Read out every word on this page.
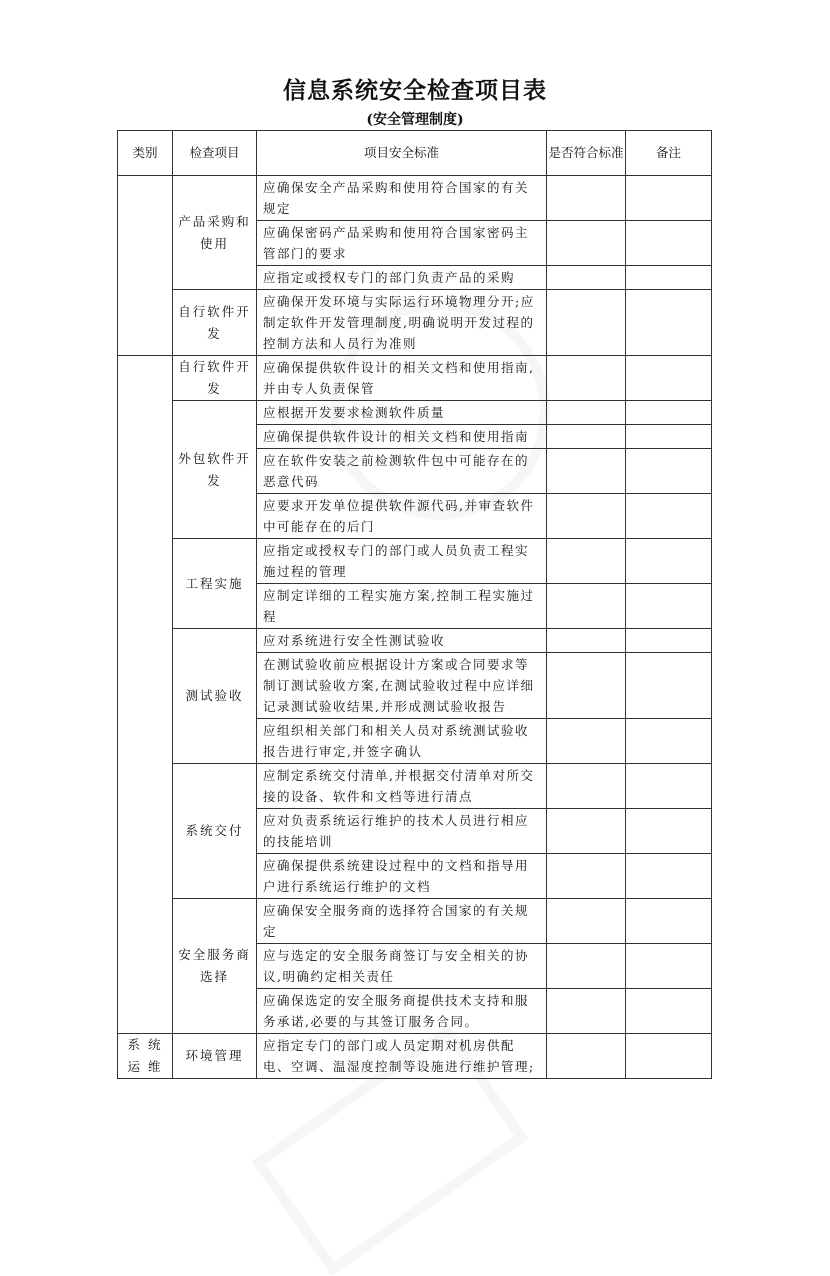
信息系统安全检查项目表
(安全管理制度)
类别	检查项目	项目安全标准	是否符合标准	备注
	产品采购和使用	应确保安全产品采购和使用符合国家的有关规定		
		应确保密码产品采购和使用符合国家密码主管部门的要求		
		应指定或授权专门的部门负责产品的采购		
	自行软件开发	应确保开发环境与实际运行环境物理分开;应制定软件开发管理制度,明确说明开发过程的控制方法和人员行为准则		
	自行软件开发	应确保提供软件设计的相关文档和使用指南,并由专人负责保管		
	外包软件开发	应根据开发要求检测软件质量		
		应确保提供软件设计的相关文档和使用指南		
		应在软件安装之前检测软件包中可能存在的恶意代码		
		应要求开发单位提供软件源代码,并审查软件中可能存在的后门		
	工程实施	应指定或授权专门的部门或人员负责工程实施过程的管理		
		应制定详细的工程实施方案,控制工程实施过程		
	测试验收	应对系统进行安全性测试验收		
		在测试验收前应根据设计方案或合同要求等制订测试验收方案,在测试验收过程中应详细记录测试验收结果,并形成测试验收报告		
		应组织相关部门和相关人员对系统测试验收报告进行审定,并签字确认		
	系统交付	应制定系统交付清单,并根据交付清单对所交接的设备、软件和文档等进行清点		
		应对负责系统运行维护的技术人员进行相应的技能培训		
		应确保提供系统建设过程中的文档和指导用户进行系统运行维护的文档		
	安全服务商选择	应确保安全服务商的选择符合国家的有关规定		
		应与选定的安全服务商签订与安全相关的协议,明确约定相关责任		
		应确保选定的安全服务商提供技术支持和服务承诺,必要的与其签订服务合同。		
系 统 运 维	环境管理	应指定专门的部门或人员定期对机房供配电、空调、温湿度控制等设施进行维护管理;		
